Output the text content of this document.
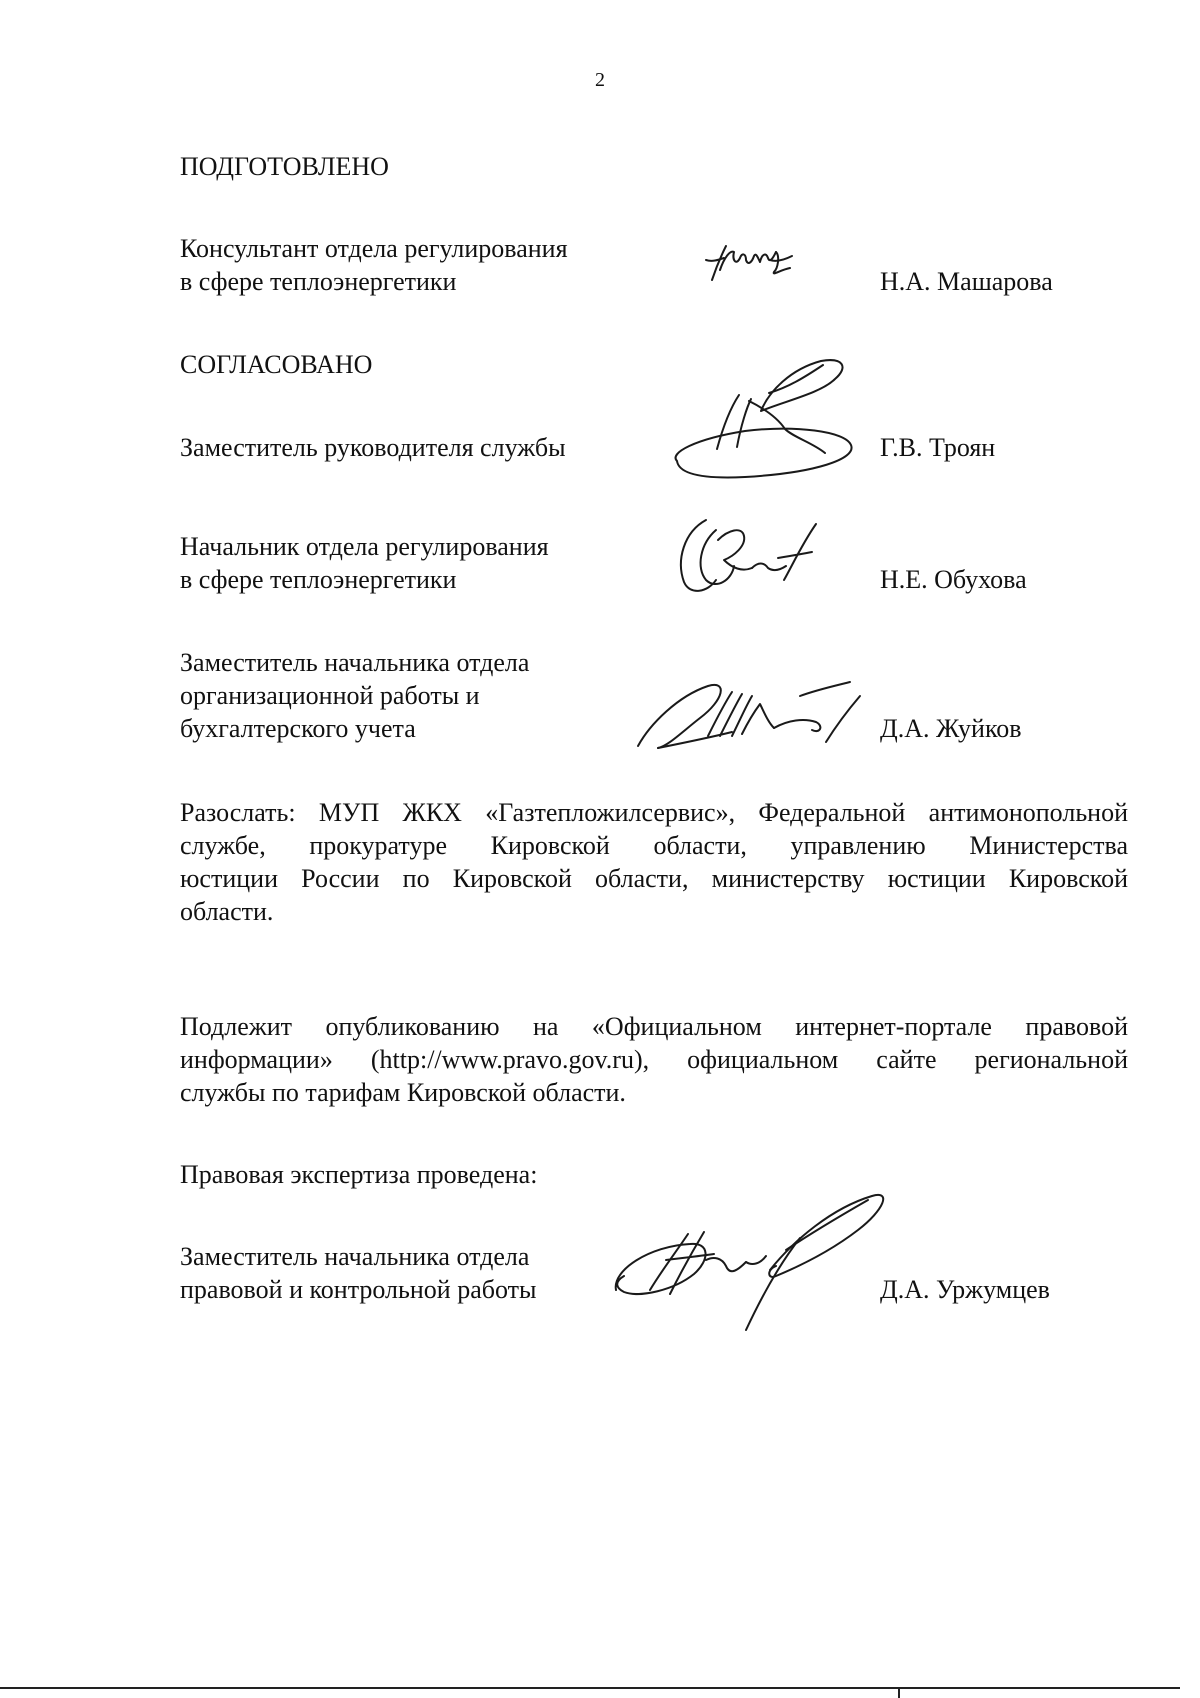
2
ПОДГОТОВЛЕНО
Консультант отдела регулирования
в сфере теплоэнергетики	Н.А. Машарова
СОГЛАСОВАНО
Заместитель руководителя службы	Г.В. Троян
Начальник отдела регулирования
в сфере теплоэнергетики	Н.Е. Обухова
Заместитель начальника отдела
организационной работы и
бухгалтерского учета	Д.А. Жуйков
Разослать: МУП ЖКХ «Газтепложилсервис», Федеральной антимонопольной
службе, прокуратуре Кировской области, управлению Министерства
юстиции России по Кировской области, министерству юстиции Кировской
области.
Подлежит опубликованию на «Официальном интернет-портале правовой
информации» (http://www.pravo.gov.ru), официальном сайте региональной
службы по тарифам Кировской области.
Правовая экспертиза проведена:
Заместитель начальника отдела
правовой и контрольной работы	Д.А. Уржумцев
